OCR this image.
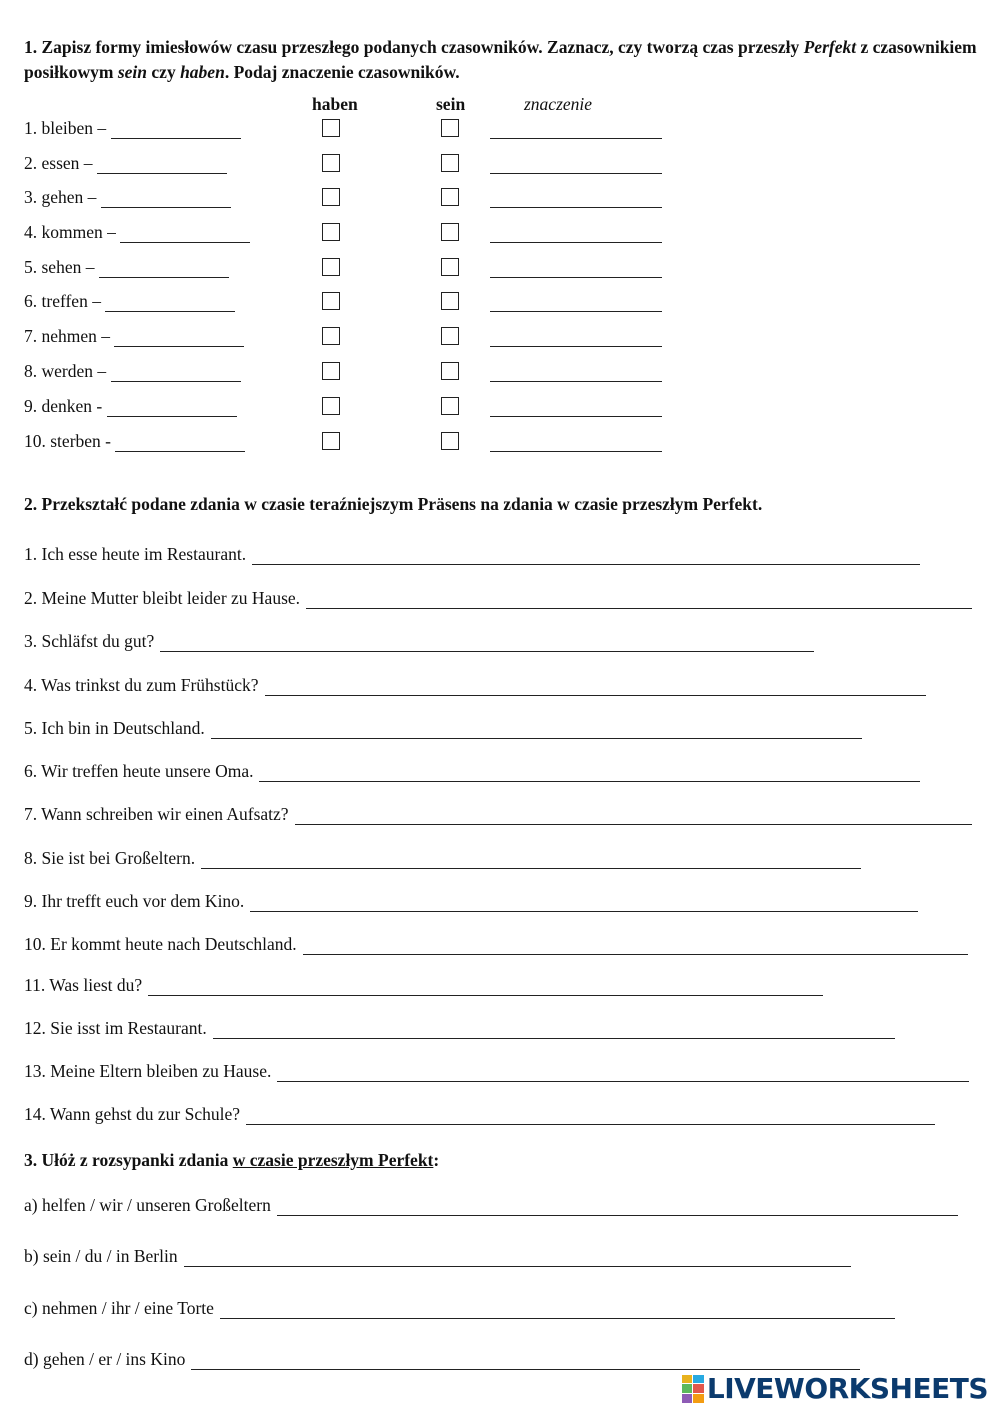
1. Zapisz formy imiesłowów czasu przeszłego podanych czasowników. Zaznacz, czy tworzą czas przeszły Perfekt z czasownikiem posiłkowym sein czy haben. Podaj znaczenie czasowników.
haben	sein	znaczenie
1. bleiben –
2. essen –
3. gehen –
4. kommen –
5. sehen –
6. treffen –
7. nehmen –
8. werden –
9. denken -
10. sterben -
2. Przekształć podane zdania w czasie teraźniejszym Präsens na zdania w czasie przeszłym Perfekt.
1. Ich esse heute im Restaurant.
2. Meine Mutter bleibt leider zu Hause.
3. Schläfst du gut?
4. Was trinkst du zum Frühstück?
5. Ich bin in Deutschland.
6. Wir treffen heute unsere Oma.
7. Wann schreiben wir einen Aufsatz?
8. Sie ist bei Großeltern.
9. Ihr trefft euch vor dem Kino.
10. Er kommt heute nach Deutschland.
11. Was liest du?
12. Sie isst im Restaurant.
13. Meine Eltern bleiben zu Hause.
14. Wann gehst du zur Schule?
3. Ułóż z rozsypanki zdania w czasie przeszłym Perfekt:
a) helfen / wir / unseren Großeltern
b) sein / du / in Berlin
c) nehmen / ihr / eine Torte
d) gehen / er / ins Kino
LIVEWORKSHEETS
